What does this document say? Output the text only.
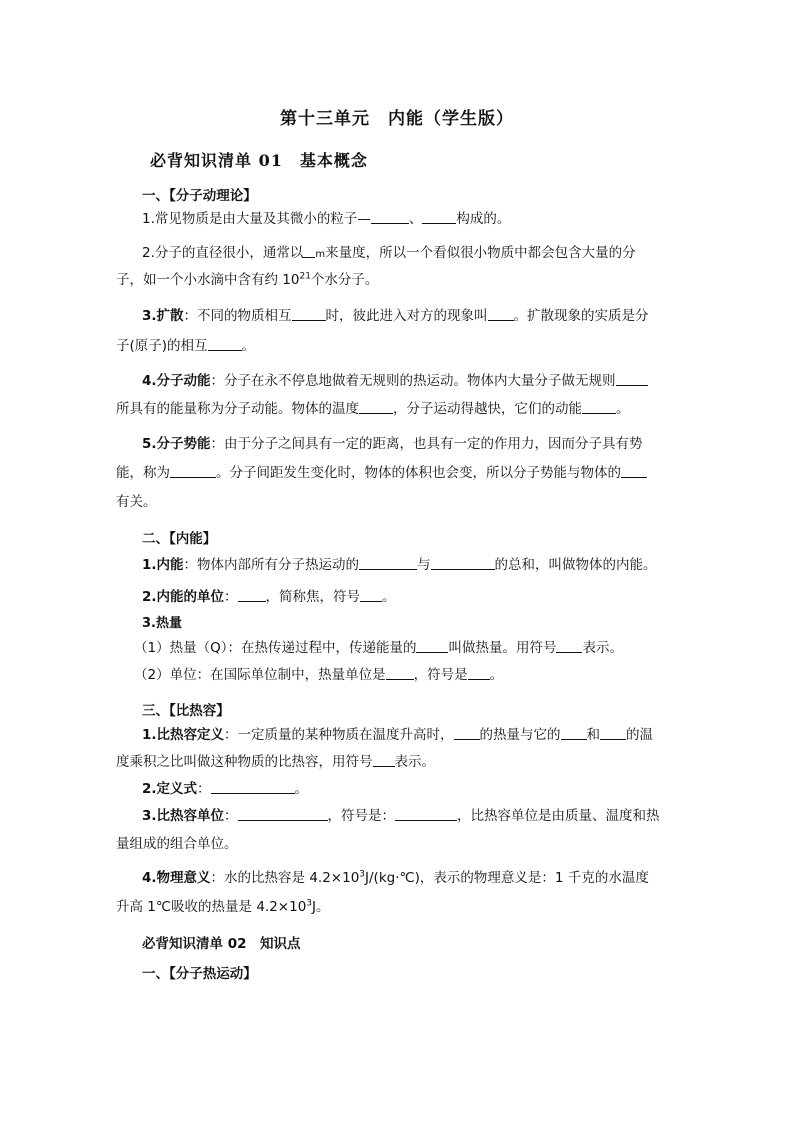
第十三单元　内能（学生版）
必背知识清单 01　基本概念
一、【分子动理论】
1.常见物质是由大量及其微小的粒子—	、	构成的。
2.分子的直径很小，通常以 m来量度，所以一个看似很小物质中都会包含大量的分
子，如一个小水滴中含有约 $10^{21}$个水分子。
3.扩散：不同的物质相互	时，彼此进入对方的现象叫 。扩散现象的实质是分
子(原子)的相互	。
4.分子动能：分子在永不停息地做着无规则的热运动。物体内大量分子做无规则
所具有的能量称为分子动能。物体的温度	，分子运动得越快，它们的动能	。
5.分子势能：由于分子之间具有一定的距离，也具有一定的作用力，因而分子具有势
能，称为	。分子间距发生变化时，物体的体积也会变，所以分子势能与物体的
有关。
二、【内能】
1.内能：物体内部所有分子热运动的	与	的总和，叫做物体的内能。
2.内能的单位： ，简称焦，符号 。
3.热量
（1）热量（Q）：在热传递过程中，传递能量的 叫做热量。用符号 表示。
（2）单位：在国际单位制中，热量单位是 ，符号是 。
三、【比热容】
1.比热容定义：一定质量的某种物质在温度升高时， 的热量与它的 和 的温
度乘积之比叫做这种物质的比热容，用符号 表示。
2.定义式：	。
3.比热容单位：	，符号是：	，比热容单位是由质量、温度和热
量组成的组合单位。
4.物理意义：水的比热容是 $4.2\times 10^3J/(kg\cdot℃)$，表示的物理意义是：1 千克的水温度
升高 1℃吸收的热量是 $4.2\times 10^3J$。
必背知识清单 02　知识点
一、【分子热运动】
